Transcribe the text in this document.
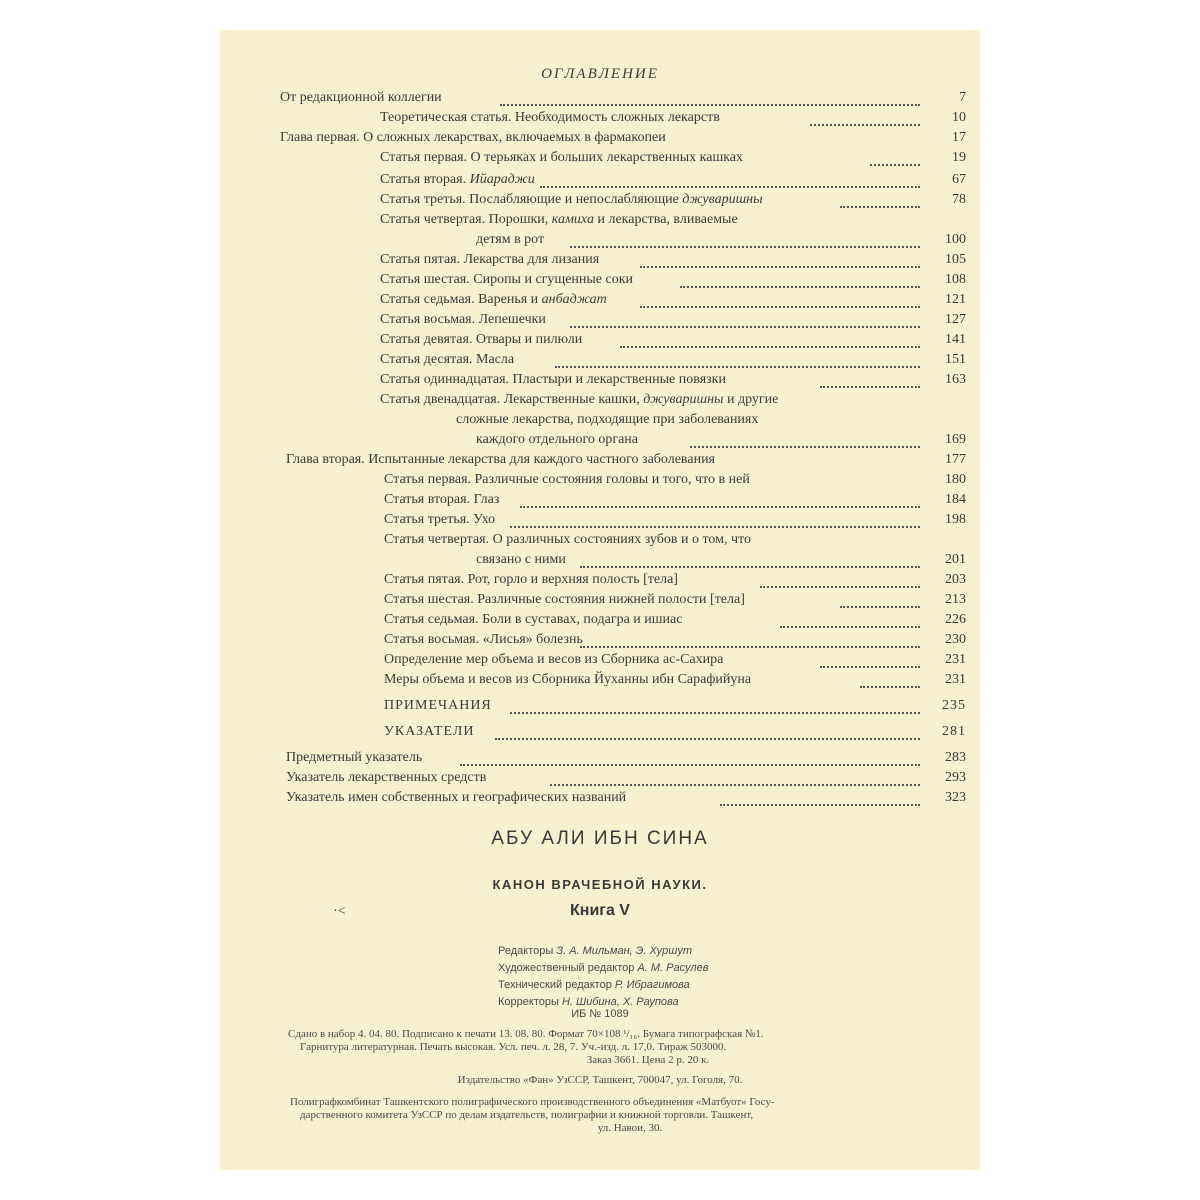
ОГЛАВЛЕНИЕ
От редакционной коллегии	7
Теоретическая статья. Необходимость сложных лекарств	10
Глава первая. О сложных лекарствах, включаемых в фармакопеи	17
Статья первая. О терьяках и больших лекарственных кашках	19
Статья вторая. Ийараджи	67
Статья третья. Послабляющие и непослабляющие джуваришны	78
Статья четвертая. Порошки, камиха и лекарства, вливаемые
детям в рот	100
Статья пятая. Лекарства для лизания	105
Статья шестая. Сиропы и сгущенные соки	108
Статья седьмая. Варенья и анбаджат	121
Статья восьмая. Лепешечки	127
Статья девятая. Отвары и пилюли	141
Статья десятая. Масла	151
Статья одиннадцатая. Пластыри и лекарственные повязки	163
Статья двенадцатая. Лекарственные кашки, джуваришны и другие
сложные лекарства, подходящие при заболеваниях
каждого отдельного органа	169
Глава вторая. Испытанные лекарства для каждого частного заболевания	177
Статья первая. Различные состояния головы и того, что в ней	180
Статья вторая. Глаз	184
Статья третья. Ухо	198
Статья четвертая. О различных состояниях зубов и о том, что
связано с ними	201
Статья пятая. Рот, горло и верхняя полость [тела]	203
Статья шестая. Различные состояния нижней полости [тела]	213
Статья седьмая. Боли в суставах, подагра и ишиас	226
Статья восьмая. «Лисья» болезнь	230
Определение мер объема и весов из Сборника ас-Сахира	231
Меры объема и весов из Сборника Йуханны ибн Сарафийуна	231
ПРИМЕЧАНИЯ	235
УКАЗАТЕЛИ	281
Предметный указатель	283
Указатель лекарственных средств	293
Указатель имен собственных и географических названий	323
АБУ АЛИ ИБН СИНА
КАНОН ВРАЧЕБНОЙ НАУКИ.
·<	Книга V
Редакторы З. А. Мильман, Э. Хуршут
Художественный редактор А. М. Расулев
Технический редактор Р. Ибрагимова
Корректоры Н. Шибина, Х. Раупова
ИБ № 1089
Сдано в набор 4. 04. 80. Подписано к печати 13. 08. 80. Формат 70×108 ¹/₁₆. Бумага типографская №1.
Гарнитура литературная. Печать высокая. Усл. печ. л. 28, 7. Уч.-изд. л. 17,0. Тираж 503000.
Заказ 3661. Цена 2 р. 20 к.
Издательство «Фан» УзССР, Ташкент, 700047, ул. Гоголя, 70.
Полиграфкомбинат Ташкентского полиграфического производственного объединения «Матбуот» Госу-
дарственного комитета УзССР по делам издательств, полиграфии и книжной торговли. Ташкент,
ул. Навои, 30.
